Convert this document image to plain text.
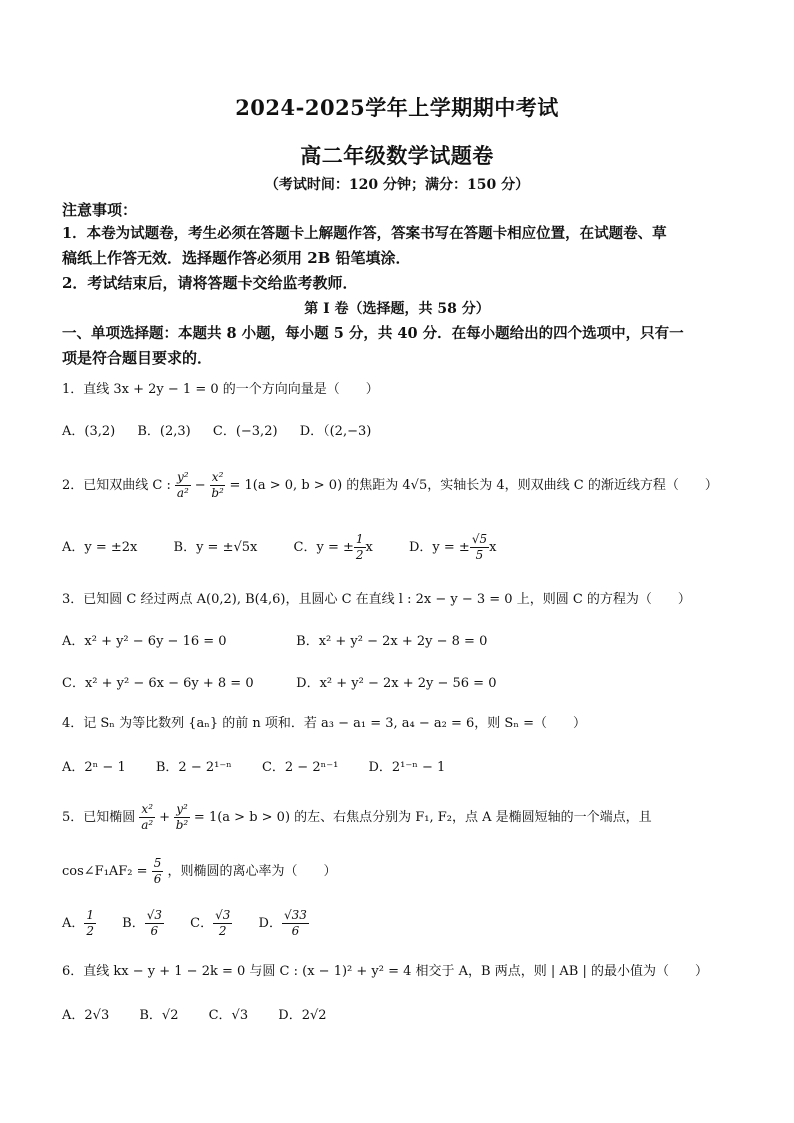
2024-2025学年上学期期中考试
高二年级数学试题卷
（考试时间：120 分钟；满分：150 分）
注意事项：
1．本卷为试题卷，考生必须在答题卡上解题作答，答案书写在答题卡相应位置，在试题卷、草
稿纸上作答无效．选择题作答必须用 2B 铅笔填涂．
2．考试结束后，请将答题卡交给监考教师．
第 I 卷（选择题，共 58 分）
一、单项选择题：本题共 8 小题，每小题 5 分，共 40 分．在每小题给出的四个选项中，只有一
项是符合题目要求的．
1．直线 3x + 2y − 1 = 0 的一个方向向量是（　　）
A．(3,2) B．(2,3) C．(−3,2) D．（(2,−3)
2．已知双曲线 C : $\frac{\text{y²}}{\text{a²}} - \frac{\text{x²}}{\text{b²}} = 1(a > 0$, b > 0) 的焦距为 4√5，实轴长为 4，则双曲线 C 的渐近线方程（　　）
A．y = ±2x	B．y = ±√5x	C．y = ± $\frac{1}{2}$ x	D．y = ± $\frac{√5}{5}$ x
3．已知圆 C 经过两点 A(0,2), B(4,6)，且圆心 C 在直线 l : 2x − y − 3 = 0 上，则圆 C 的方程为（　　）
A．x² + y² − 6y − 16 = 0	B．x² + y² − 2x + 2y − 8 = 0
C．x² + y² − 6x − 6y + 8 = 0	D．x² + y² − 2x + 2y − 56 = 0
4．记 Sₙ 为等比数列 {aₙ} 的前 n 项和．若 a₃ − a₁ = 3, a₄ − a₂ = 6，则 Sₙ =（　　）
A．2ⁿ − 1 B．2 − 2¹⁻ⁿ C．2 − 2ⁿ⁻¹ D．2¹⁻ⁿ − 1
5．已知椭圆 $\frac{\text{x²}}{\text{a²}} + \frac{\text{y²}}{\text{b²}} = 1(a > b > 0)$ 的左、右焦点分别为 F₁, F₂，点 A 是椭圆短轴的一个端点，且
cos∠F₁AF₂ = $\frac{5}{6}$ ，则椭圆的离心率为（　　）
A． $\frac{1}{2}$ B． $\frac{√3}{6}$ C． $\frac{√3}{2}$ D． $\frac{√33}{6}$
6．直线 kx − y + 1 − 2k = 0 与圆 C : (x − 1)² + y² = 4 相交于 A，B 两点，则 | AB | 的最小值为（　　）
A．2√3 B．√2 C．√3 D．2√2
